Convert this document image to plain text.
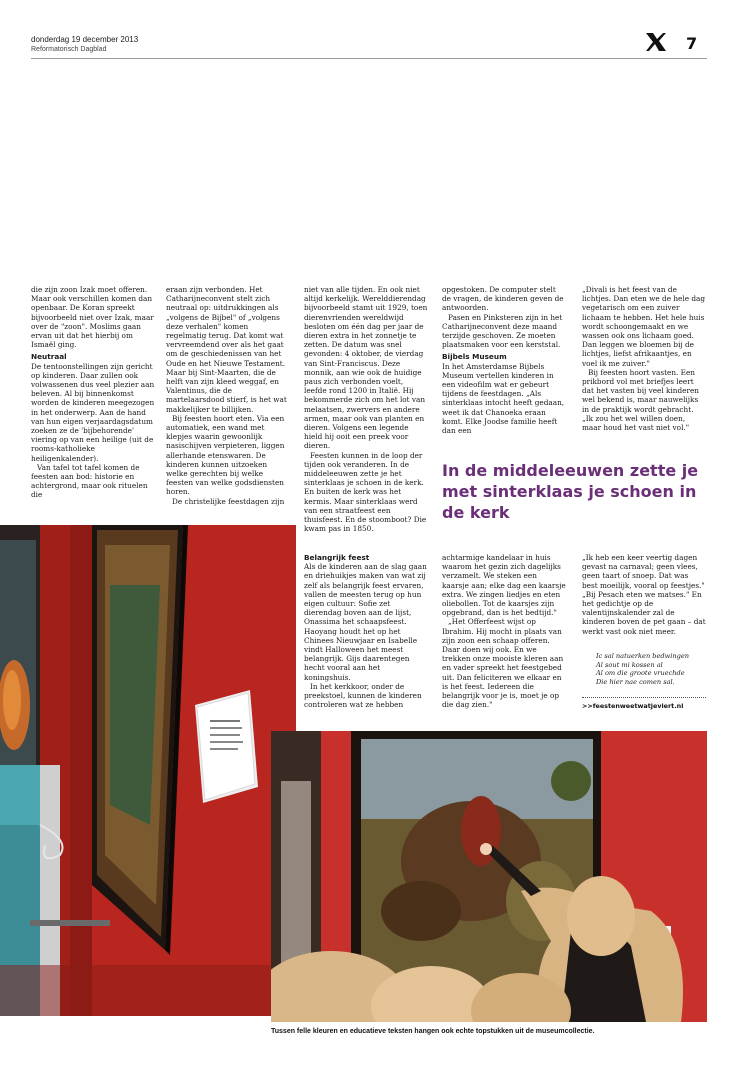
donderdag 19 december 2013
Reformatorisch Dagblad	7

die zijn zoon Izak moet offeren. Maar ook verschillen komen dan openbaar. De Koran spreekt bijvoorbeeld niet over Izak, maar over de "zoon". Moslims gaan ervan uit dat het hierbij om Ismaël ging.

Neutraal

De tentoonstellingen zijn gericht op kinderen. Daar zullen ook volwassenen dus veel plezier aan beleven. Al bij binnenkomst worden de kinderen meegezogen in het onderwerp. Aan de hand van hun eigen verjaardagsdatum zoeken ze de 'bijbehorende' viering op van een heilige (uit de rooms-katholieke heiligenkalender).

Van tafel tot tafel komen de feesten aan bod: historie en achtergrond, maar ook rituelen die

eraan zijn verbonden. Het Catharijneconvent stelt zich neutraal op: uitdrukkingen als „volgens de Bijbel" of „volgens deze verhalen" komen regelmatig terug. Dat komt wat vervreemdend over als het gaat om de geschiedenissen van het Oude en het Nieuwe Testament. Maar bij Sint-Maarten, die de helft van zijn kleed weggaf, en Valentinus, die de martelaarsdood stierf, is het wat makkelijker te billijken.

Bij feesten hoort eten. Via een automatiek, een wand met klepjes waarin gewoonlijk nasischijven verpieteren, liggen allerhande etenswaren. De kinderen kunnen uitzoeken welke gerechten bij welke feesten van welke godsdiensten horen.

De christelijke feestdagen zijn

niet van alle tijden. En ook niet altijd kerkelijk. Werelddierendag bijvoorbeeld stamt uit 1929, toen dierenvrienden wereldwijd besloten om één dag per jaar de dieren extra in het zonnetje te zetten. De datum was snel gevonden: 4 oktober, de vierdag van Sint-Franciscus. Deze monnik, aan wie ook de huidige paus zich verbonden voelt, leefde rond 1200 in Italië. Hij bekommerde zich om het lot van melaatsen, zwervers en andere armen, maar ook van planten en dieren. Volgens een legende hield hij ooit een preek voor dieren.

Feesten kunnen in de loop der tijden ook veranderen. In de middeleeuwen zette je het sinterklaas je schoen in de kerk. En buiten de kerk was het kermis. Maar sinterklaas werd van een straatfeest een thuisfeest. En de stoomboot? Die kwam pas in 1850.

Belangrijk feest

Als de kinderen aan de slag gaan en driehuikjes maken van wat zij zelf als belangrijk feest ervaren, vallen de meesten terug op hun eigen cultuur: Sofie zet dierendag boven aan de lijst, Onassima het schaapsfeest. Haoyang houdt het op het Chinees Nieuwjaar en Isabelle vindt Halloween het meest belangrijk. Gijs daarentegen hecht vooral aan het koningshuis.

In het kerkkoor, onder de preekstoel, kunnen de kinderen controleren wat ze hebben

opgestoken. De computer stelt de vragen, de kinderen geven de antwoorden.

Pasen en Pinksteren zijn in het Catharijneconvent deze maand terzijde geschoven. Ze moeten plaatsmaken voor een kerststal.

Bijbels Museum

In het Amsterdamse Bijbels Museum vertellen kinderen in een videofilm wat er gebeurt tijdens de feestdagen. „Als sinterklaas intocht heeft gedaan, weet ik dat Chanoeka eraan komt. Elke Joodse familie heeft dan een

In de middeleeuwen zette je met sinterklaas je schoen in de kerk

achtarmige kandelaar in huis waarom het gezin zich dagelijks verzamelt. We steken een kaarsje aan; elke dag een kaarsje extra. We zingen liedjes en eten oliebollen. Tot de kaarsjes zijn opgebrand, dan is het bedtijd."

„Het Offerfeest wijst op Ibrahim. Hij mocht in plaats van zijn zoon een schaap offeren. Daar doen wij ook. En we trekken onze mooiste kleren aan en vader spreekt het feestgebed uit. Dan feliciteren we elkaar en is het feest. Iedereen die belangrijk voor je is, moet je op die dag zien."

„Divali is het feest van de lichtjes. Dan eten we de hele dag vegetarisch om een zuiver lichaam te hebben. Het hele huis wordt schoongemaakt en we wassen ook ons lichaam goed. Dan leggen we bloemen bij de lichtjes, liefst afrikaantjes, en voel ik me zuiver."

Bij feesten hoort vasten. Een prikbord vol met briefjes leert dat het vasten bij veel kinderen wel bekend is, maar nauwelijks in de praktijk wordt gebracht. „Ik zou het wel willen doen, maar houd het vast niet vol."

„Ik heb een keer veertig dagen gevast na carnaval; geen vlees, geen taart of snoep. Dat was best moeilijk, vooral op feestjes." „Bij Pesach eten we matses." En het gedichtje op de valentijnskalender zal de kinderen boven de pet gaan – dat werkt vast ook niet meer.

Ic sal natuerken bedwingen
Al sout mi kossen al
Al om die groote vruechde
Die hier nae comen sal.
>>feestenweetwatjeviert.nl
Tussen felle kleuren en educatieve teksten hangen ook echte topstukken uit de museumcollectie.
